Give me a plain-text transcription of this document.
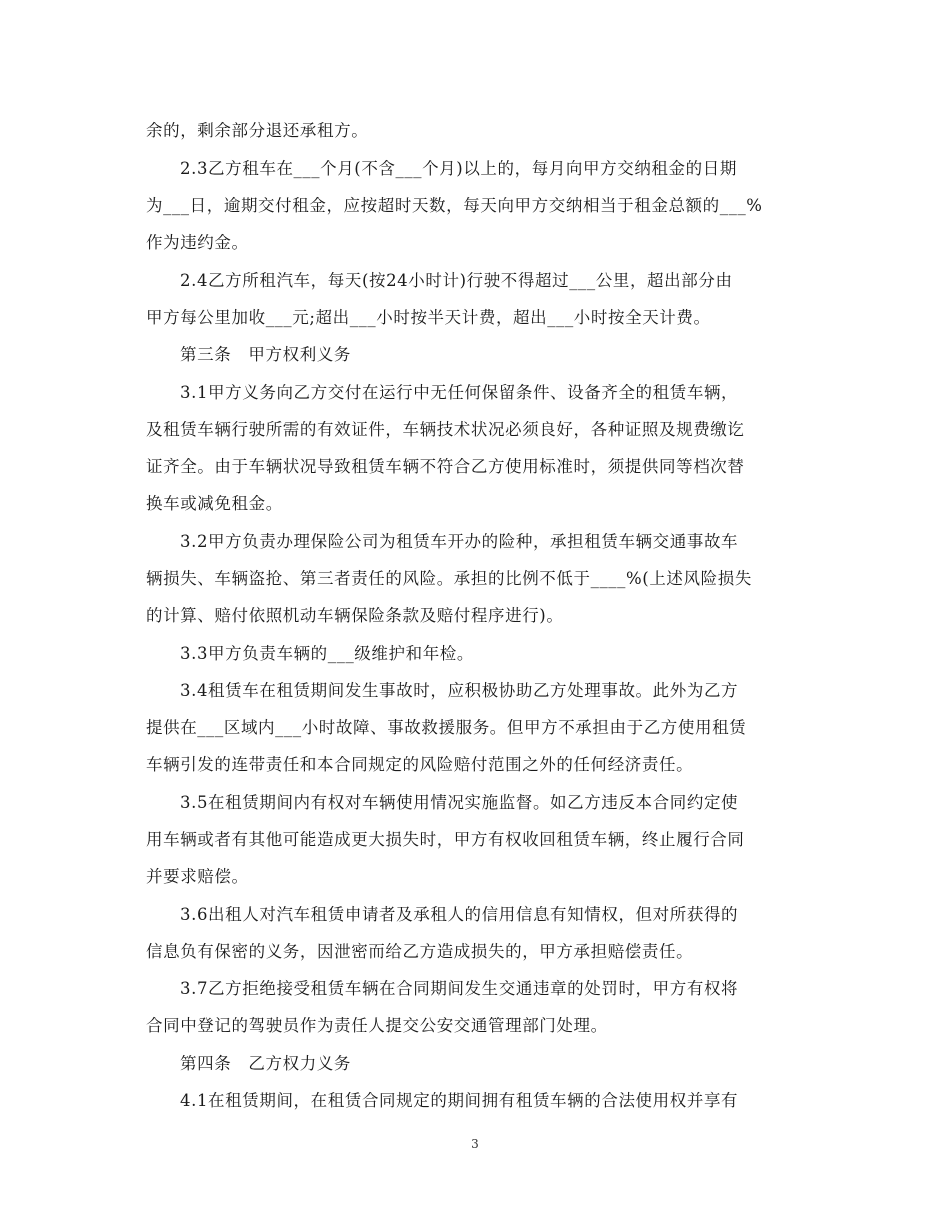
余的，剩余部分退还承租方。
2.3乙方租车在___个月(不含___个月)以上的，每月向甲方交纳租金的日期
为___日，逾期交付租金，应按超时天数，每天向甲方交纳相当于租金总额的___%
作为违约金。
2.4乙方所租汽车，每天(按24小时计)行驶不得超过___公里，超出部分由
甲方每公里加收___元;超出___小时按半天计费，超出___小时按全天计费。
第三条　甲方权利义务
3.1甲方义务向乙方交付在运行中无任何保留条件、设备齐全的租赁车辆，
及租赁车辆行驶所需的有效证件，车辆技术状况必须良好，各种证照及规费缴讫
证齐全。由于车辆状况导致租赁车辆不符合乙方使用标准时，须提供同等档次替
换车或减免租金。
3.2甲方负责办理保险公司为租赁车开办的险种，承担租赁车辆交通事故车
辆损失、车辆盗抢、第三者责任的风险。承担的比例不低于____%(上述风险损失
的计算、赔付依照机动车辆保险条款及赔付程序进行)。
3.3甲方负责车辆的___级维护和年检。
3.4租赁车在租赁期间发生事故时，应积极协助乙方处理事故。此外为乙方
提供在___区域内___小时故障、事故救援服务。但甲方不承担由于乙方使用租赁
车辆引发的连带责任和本合同规定的风险赔付范围之外的任何经济责任。
3.5在租赁期间内有权对车辆使用情况实施监督。如乙方违反本合同约定使
用车辆或者有其他可能造成更大损失时，甲方有权收回租赁车辆，终止履行合同
并要求赔偿。
3.6出租人对汽车租赁申请者及承租人的信用信息有知情权，但对所获得的
信息负有保密的义务，因泄密而给乙方造成损失的，甲方承担赔偿责任。
3.7乙方拒绝接受租赁车辆在合同期间发生交通违章的处罚时，甲方有权将
合同中登记的驾驶员作为责任人提交公安交通管理部门处理。
第四条　乙方权力义务
4.1在租赁期间，在租赁合同规定的期间拥有租赁车辆的合法使用权并享有
3
